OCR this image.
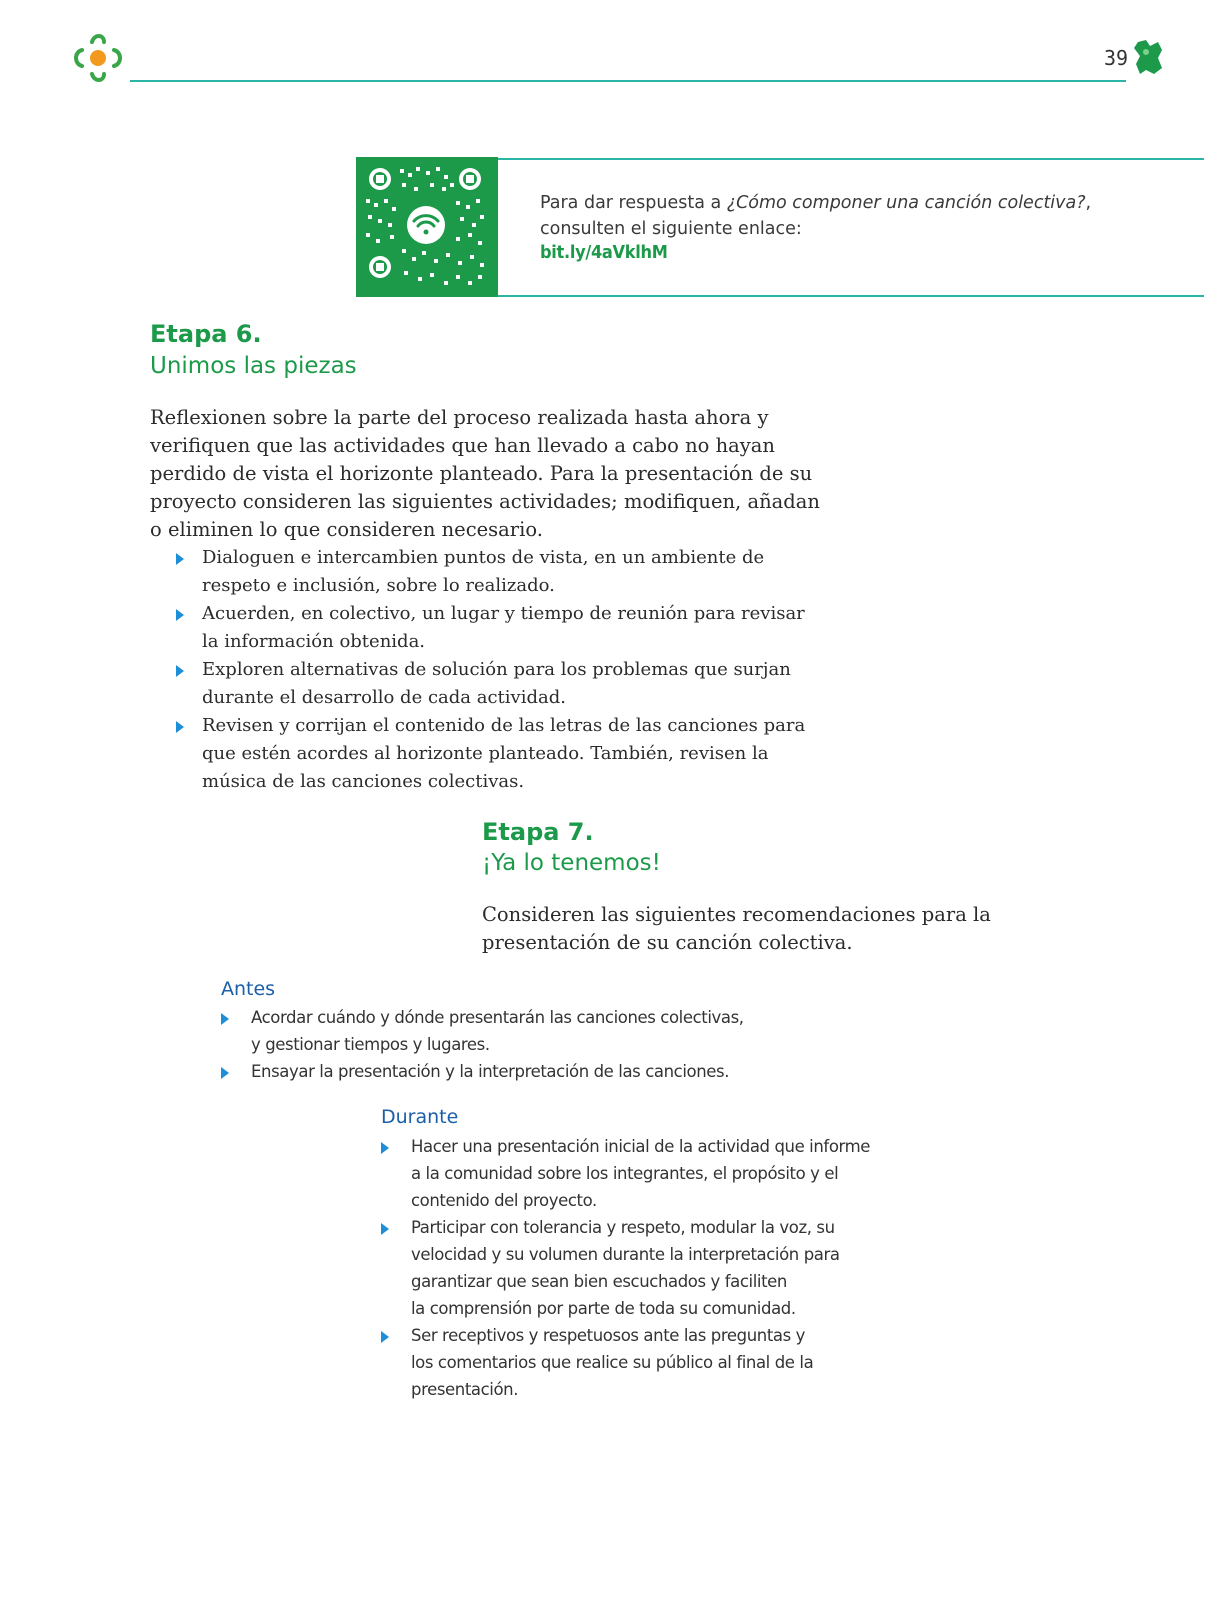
39
Para dar respuesta a ¿Cómo componer una canción colectiva?,
consulten el siguiente enlace:
bit.ly/4aVklhM
Etapa 6.
Unimos las piezas
Reflexionen sobre la parte del proceso realizada hasta ahora y
verifiquen que las actividades que han llevado a cabo no hayan
perdido de vista el horizonte planteado. Para la presentación de su
proyecto consideren las siguientes actividades; modifiquen, añadan
o eliminen lo que consideren necesario.
Dialoguen e intercambien puntos de vista, en un ambiente de
respeto e inclusión, sobre lo realizado.
Acuerden, en colectivo, un lugar y tiempo de reunión para revisar
la información obtenida.
Exploren alternativas de solución para los problemas que surjan
durante el desarrollo de cada actividad.
Revisen y corrijan el contenido de las letras de las canciones para
que estén acordes al horizonte planteado. También, revisen la
música de las canciones colectivas.
Etapa 7.
¡Ya lo tenemos!
Consideren las siguientes recomendaciones para la
presentación de su canción colectiva.
Antes
Acordar cuándo y dónde presentarán las canciones colectivas,
y gestionar tiempos y lugares.
Ensayar la presentación y la interpretación de las canciones.
Durante
Hacer una presentación inicial de la actividad que informe
a la comunidad sobre los integrantes, el propósito y el
contenido del proyecto.
Participar con tolerancia y respeto, modular la voz, su
velocidad y su volumen durante la interpretación para
garantizar que sean bien escuchados y faciliten
la comprensión por parte de toda su comunidad.
Ser receptivos y respetuosos ante las preguntas y
los comentarios que realice su público al final de la
presentación.
